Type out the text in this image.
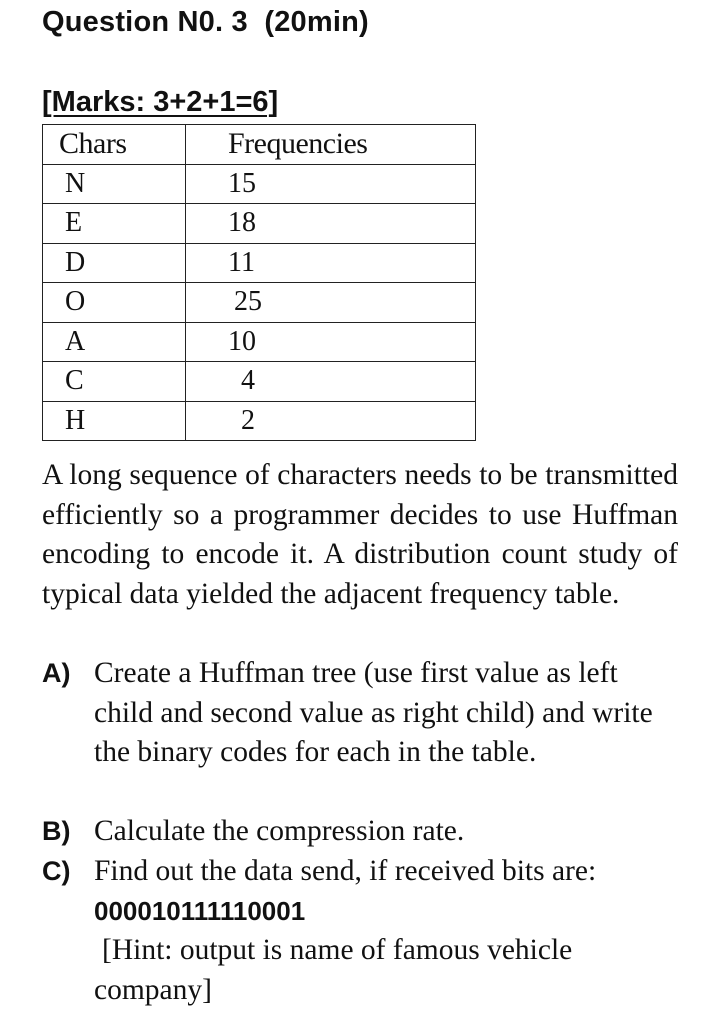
Question N0. 3  (20min)
[Marks: 3+2+1=6]
Chars	Frequencies
N	15
E	18
D	11
O	25
A	10
C	4
H	2
A long sequence of characters needs to be transmitted efficiently so a programmer decides to use Huffman encoding to encode it. A distribution count study of typical data yielded the adjacent frequency table.
A) Create a Huffman tree (use first value as left child and second value as right child) and write the binary codes for each in the table.
B) Calculate the compression rate.
C) Find out the data send, if received bits are: 000010111110001
[Hint: output is name of famous vehicle company]
